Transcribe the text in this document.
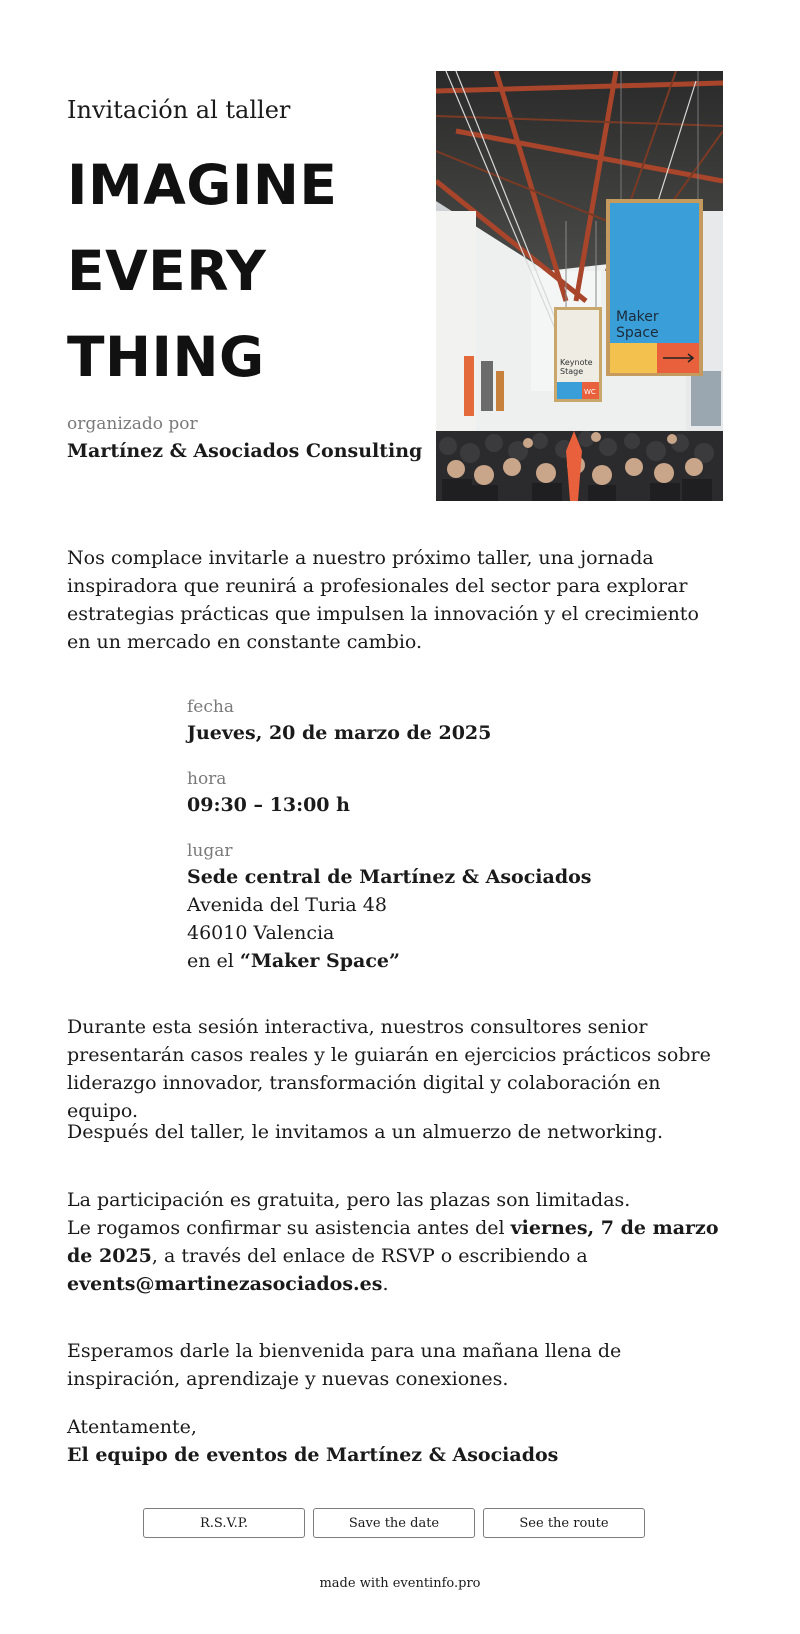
Invitación al taller

IMAGINE
EVERY
THING
organizado por
Martínez & Asociados Consulting
Keynote
Stage
WC
Maker
Space

Nos complace invitarle a nuestro próximo taller, una jornada inspiradora que reunirá a profesionales del sector para explorar estrategias prácticas que impulsen la innovación y el crecimiento en un mercado en constante cambio.

fecha
Jueves, 20 de marzo de 2025
hora
09:30 – 13:00 h
lugar
Sede central de Martínez & Asociados
Avenida del Turia 48
46010 Valencia
en el “Maker Space”

Durante esta sesión interactiva, nuestros consultores senior presentarán casos reales y le guiarán en ejercicios prácticos sobre liderazgo innovador, transformación digital y colaboración en equipo.

Después del taller, le invitamos a un almuerzo de networking.

La participación es gratuita, pero las plazas son limitadas.
Le rogamos confirmar su asistencia antes del viernes, 7 de marzo de 2025, a través del enlace de RSVP o escribiendo a events@martinezasociados.es.

Esperamos darle la bienvenida para una mañana llena de inspiración, aprendizaje y nuevas conexiones.

Atentamente,
El equipo de eventos de Martínez & Asociados
R.S.V.P.	Save the date	See the route
made with eventinfo.pro
